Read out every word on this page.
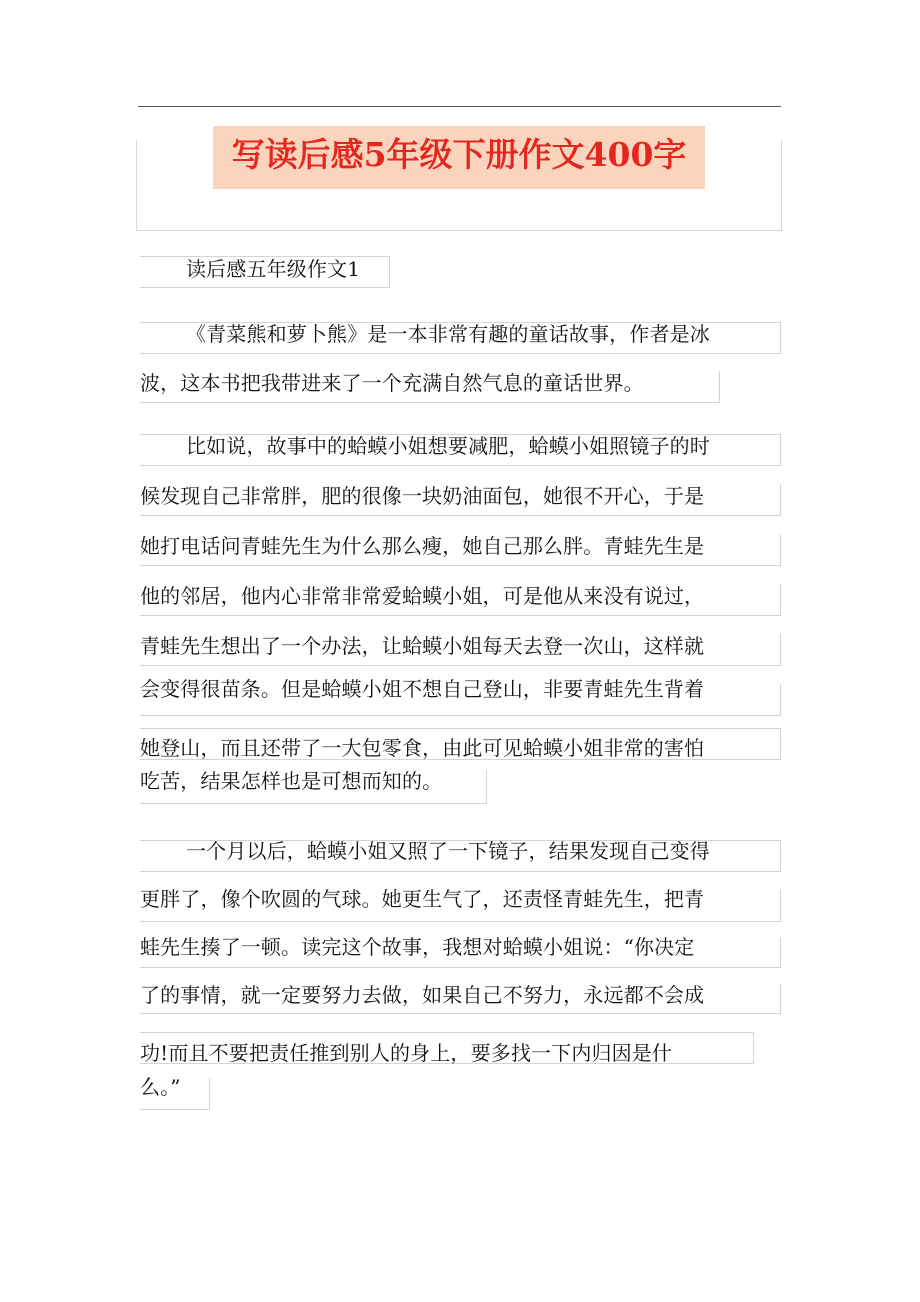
写读后感5年级下册作文400字
读后感五年级作文1
《青菜熊和萝卜熊》是一本非常有趣的童话故事，作者是冰
波，这本书把我带进来了一个充满自然气息的童话世界。
比如说，故事中的蛤蟆小姐想要减肥，蛤蟆小姐照镜子的时
候发现自己非常胖，肥的很像一块奶油面包，她很不开心，于是
她打电话问青蛙先生为什么那么瘦，她自己那么胖。青蛙先生是
他的邻居，他内心非常非常爱蛤蟆小姐，可是他从来没有说过，
青蛙先生想出了一个办法，让蛤蟆小姐每天去登一次山，这样就
会变得很苗条。但是蛤蟆小姐不想自己登山，非要青蛙先生背着
她登山，而且还带了一大包零食，由此可见蛤蟆小姐非常的害怕
吃苦，结果怎样也是可想而知的。
一个月以后，蛤蟆小姐又照了一下镜子，结果发现自己变得
更胖了，像个吹圆的气球。她更生气了，还责怪青蛙先生，把青
蛙先生揍了一顿。读完这个故事，我想对蛤蟆小姐说：“你决定
了的事情，就一定要努力去做，如果自己不努力，永远都不会成
功!而且不要把责任推到别人的身上，要多找一下内归因是什
么。”
